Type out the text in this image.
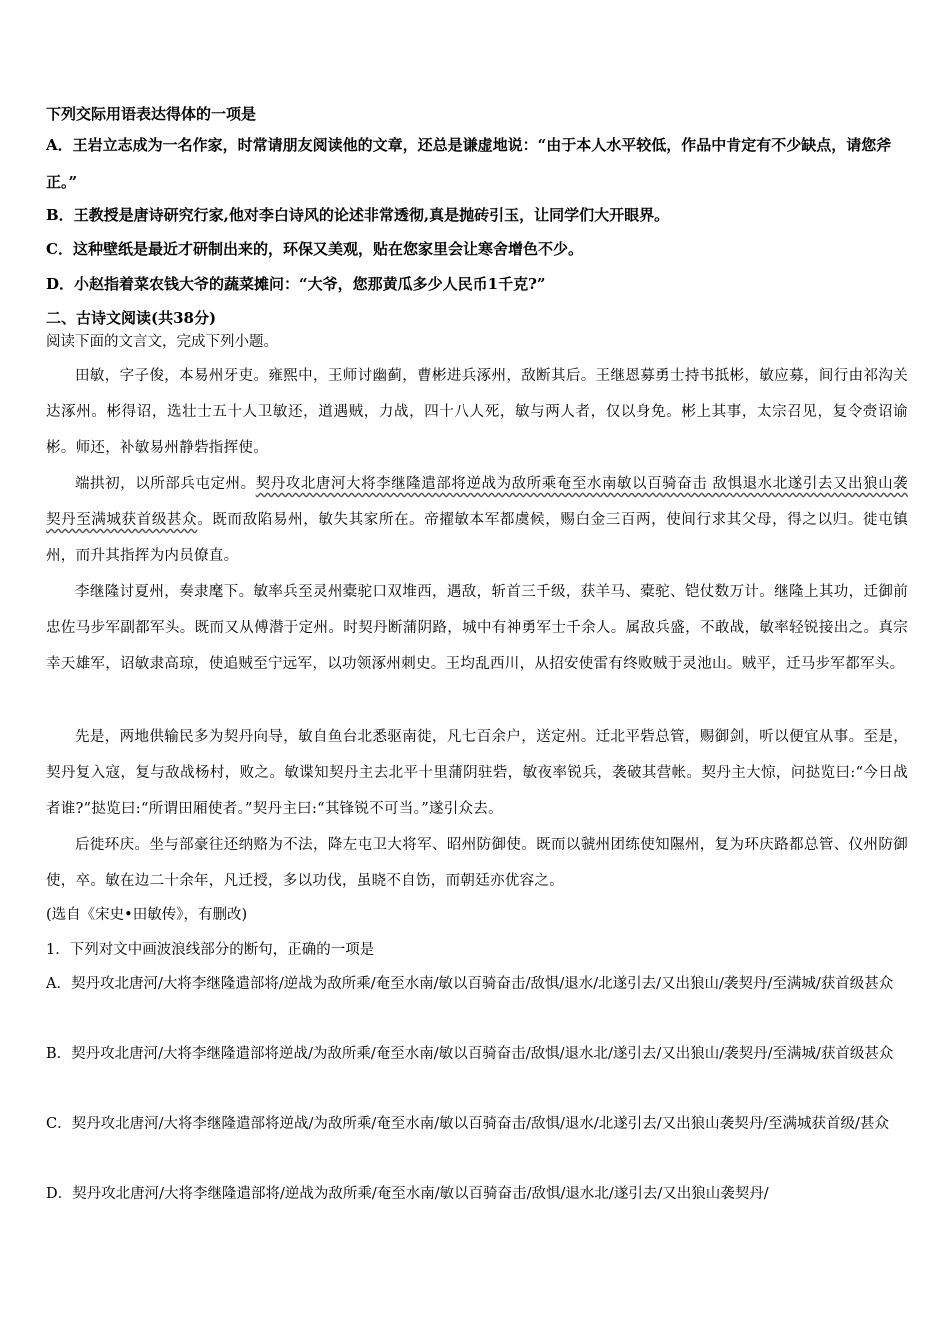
下列交际用语表达得体的一项是
A．王岩立志成为一名作家，时常请朋友阅读他的文章，还总是谦虚地说：“由于本人水平较低，作品中肯定有不少缺点，请您斧正。”
B．王教授是唐诗研究行家,他对李白诗风的论述非常透彻,真是抛砖引玉，让同学们大开眼界。
C．这种壁纸是最近才研制出来的，环保又美观，贴在您家里会让寒舍增色不少。
D．小赵指着菜农钱大爷的蔬菜摊问：“大爷，您那黄瓜多少人民币1千克?”
二、古诗文阅读(共38分)
阅读下面的文言文，完成下列小题。
田敏，字子俊，本易州牙吏。雍熙中，王师讨幽蓟，曹彬进兵涿州，敌断其后。王继恩募勇士持书抵彬，敏应募，间行由祁沟关达涿州。彬得诏，选壮士五十人卫敏还，道遇贼，力战，四十八人死，敏与两人者，仅以身免。彬上其事，太宗召见，复令赍诏谕彬。师还，补敏易州静砦指挥使。
端拱初，以所部兵屯定州。契丹攻北唐河大将李继隆遣部将逆战为敌所乘奄至水南敏以百骑奋击 敌惧退水北遂引去又出狼山袭契丹至满城获首级甚众。既而敌陷易州，敏失其家所在。帝擢敏本军都虞候，赐白金三百两，使间行求其父母，得之以归。徙屯镇州，而升其指挥为内员僚直。
李继隆讨夏州，奏隶麾下。敏率兵至灵州橐驼口双堆西，遇敌，斩首三千级，获羊马、橐驼、铠仗数万计。继隆上其功，迁御前忠佐马步军副都军头。既而又从傅潜于定州。时契丹断蒲阴路，城中有神勇军士千余人。属敌兵盛，不敢战，敏率轻锐接出之。真宗幸天雄军，诏敏隶高琼，使追贼至宁远军，以功领涿州刺史。王均乱西川，从招安使雷有终败贼于灵池山。贼平，迁马步军都军头。
先是，两地供输民多为契丹向导，敏自鱼台北悉驱南徙，凡七百余户，送定州。迁北平砦总管，赐御剑，听以便宜从事。至是，契丹复入寇，复与敌战杨村，败之。敏谍知契丹主去北平十里蒲阴驻砦，敏夜率锐兵，袭破其营帐。契丹主大惊，问挞览曰:“今日战者谁?”挞览曰:“所谓田厢使者。”契丹主曰:“其锋锐不可当。”遂引众去。
后徙环庆。坐与部豪往还纳赂为不法，降左屯卫大将军、昭州防御使。既而以虢州团练使知隰州，复为环庆路都总管、仪州防御使，卒。敏在边二十余年，凡迁授，多以功伐，虽晓不自饬，而朝廷亦优容之。
(选自《宋史•田敏传》，有删改)
1．下列对文中画波浪线部分的断句，正确的一项是
A．契丹攻北唐河/大将李继隆遣部将/逆战为敌所乘/奄至水南/敏以百骑奋击/敌惧/退水/北遂引去/又出狼山/袭契丹/至满城/获首级甚众
B．契丹攻北唐河/大将李继隆遣部将逆战/为敌所乘/奄至水南/敏以百骑奋击/敌惧/退水北/遂引去/又出狼山/袭契丹/至满城/获首级甚众
C．契丹攻北唐河/大将李继隆遣部将逆战/为敌所乘/奄至水南/敏以百骑奋击/敌惧/退水/北遂引去/又出狼山袭契丹/至满城获首级/甚众
D．契丹攻北唐河/大将李继隆遣部将/逆战为敌所乘/奄至水南/敏以百骑奋击/敌惧/退水北/遂引去/又出狼山袭契丹/
